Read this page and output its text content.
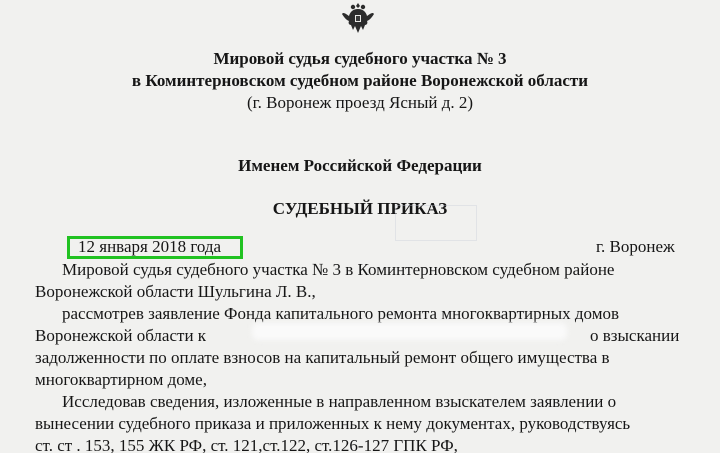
Мировой судья судебного участка № 3
в Коминтерновском судебном районе Воронежской области
(г. Воронеж проезд Ясный д. 2)
Именем Российской Федерации
СУДЕБНЫЙ ПРИКАЗ
12 января 2018 года	г. Воронеж
Мировой судья судебного участка № 3 в Коминтерновском судебном районе
Воронежской области Шульгина Л. В.,
рассмотрев заявление Фонда капитального ремонта многоквартирных домов
Воронежской области к	о взыскании
задолженности по оплате взносов на капитальный ремонт общего имущества в
многоквартирном доме,
Исследовав сведения, изложенные в направленном взыскателем заявлении о
вынесении судебного приказа и приложенных к нему документах, руководствуясь
ст. ст . 153, 155 ЖК РФ, ст. 121,ст.122, ст.126-127 ГПК РФ,
